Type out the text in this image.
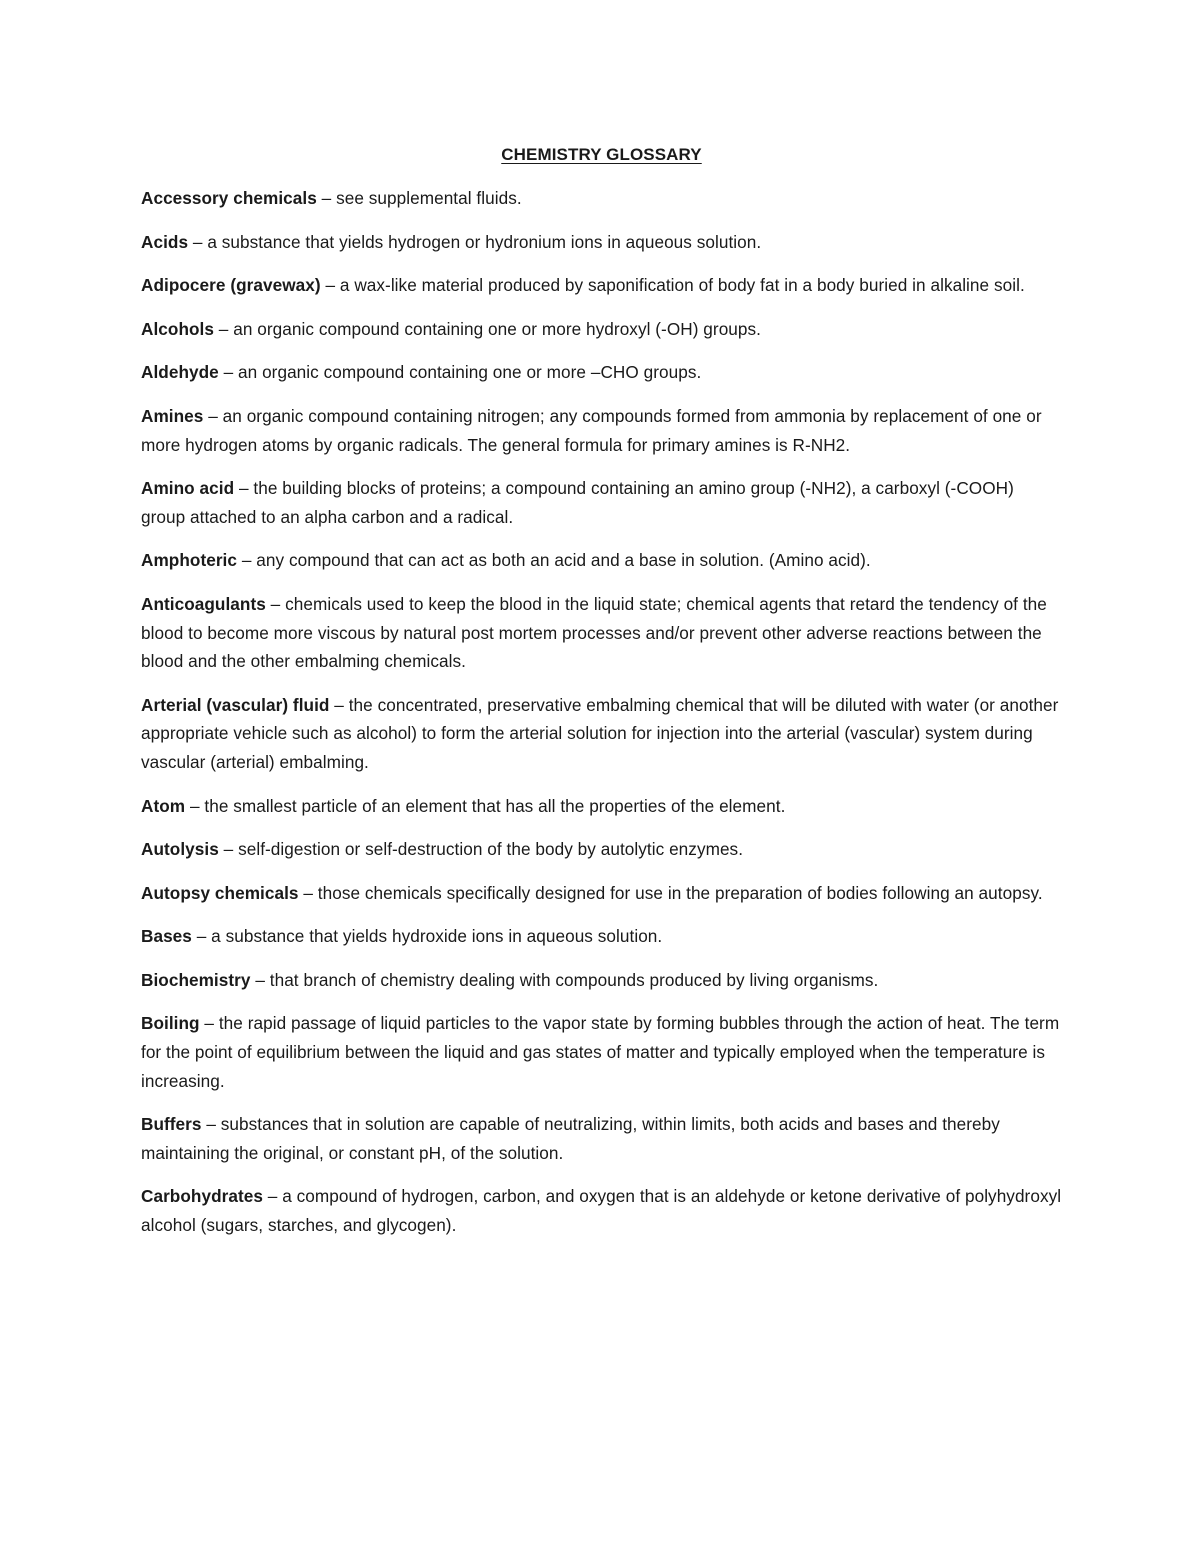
CHEMISTRY GLOSSARY

Accessory chemicals – see supplemental fluids.

Acids – a substance that yields hydrogen or hydronium ions in aqueous solution.

Adipocere (gravewax) – a wax-like material produced by saponification of body fat in a body buried in alkaline soil.

Alcohols – an organic compound containing one or more hydroxyl (-OH) groups.

Aldehyde – an organic compound containing one or more –CHO groups.

Amines – an organic compound containing nitrogen; any compounds formed from ammonia by replacement of one or more hydrogen atoms by organic radicals. The general formula for primary amines is R-NH2.

Amino acid – the building blocks of proteins; a compound containing an amino group (-NH2), a carboxyl (-COOH) group attached to an alpha carbon and a radical.

Amphoteric – any compound that can act as both an acid and a base in solution. (Amino acid).

Anticoagulants – chemicals used to keep the blood in the liquid state; chemical agents that retard the tendency of the blood to become more viscous by natural post mortem processes and/or prevent other adverse reactions between the blood and the other embalming chemicals.

Arterial (vascular) fluid – the concentrated, preservative embalming chemical that will be diluted with water (or another appropriate vehicle such as alcohol) to form the arterial solution for injection into the arterial (vascular) system during vascular (arterial) embalming.

Atom – the smallest particle of an element that has all the properties of the element.

Autolysis – self-digestion or self-destruction of the body by autolytic enzymes.

Autopsy chemicals – those chemicals specifically designed for use in the preparation of bodies following an autopsy.

Bases – a substance that yields hydroxide ions in aqueous solution.

Biochemistry – that branch of chemistry dealing with compounds produced by living organisms.

Boiling – the rapid passage of liquid particles to the vapor state by forming bubbles through the action of heat. The term for the point of equilibrium between the liquid and gas states of matter and typically employed when the temperature is increasing.

Buffers – substances that in solution are capable of neutralizing, within limits, both acids and bases and thereby maintaining the original, or constant pH, of the solution.

Carbohydrates – a compound of hydrogen, carbon, and oxygen that is an aldehyde or ketone derivative of polyhydroxyl alcohol (sugars, starches, and glycogen).
